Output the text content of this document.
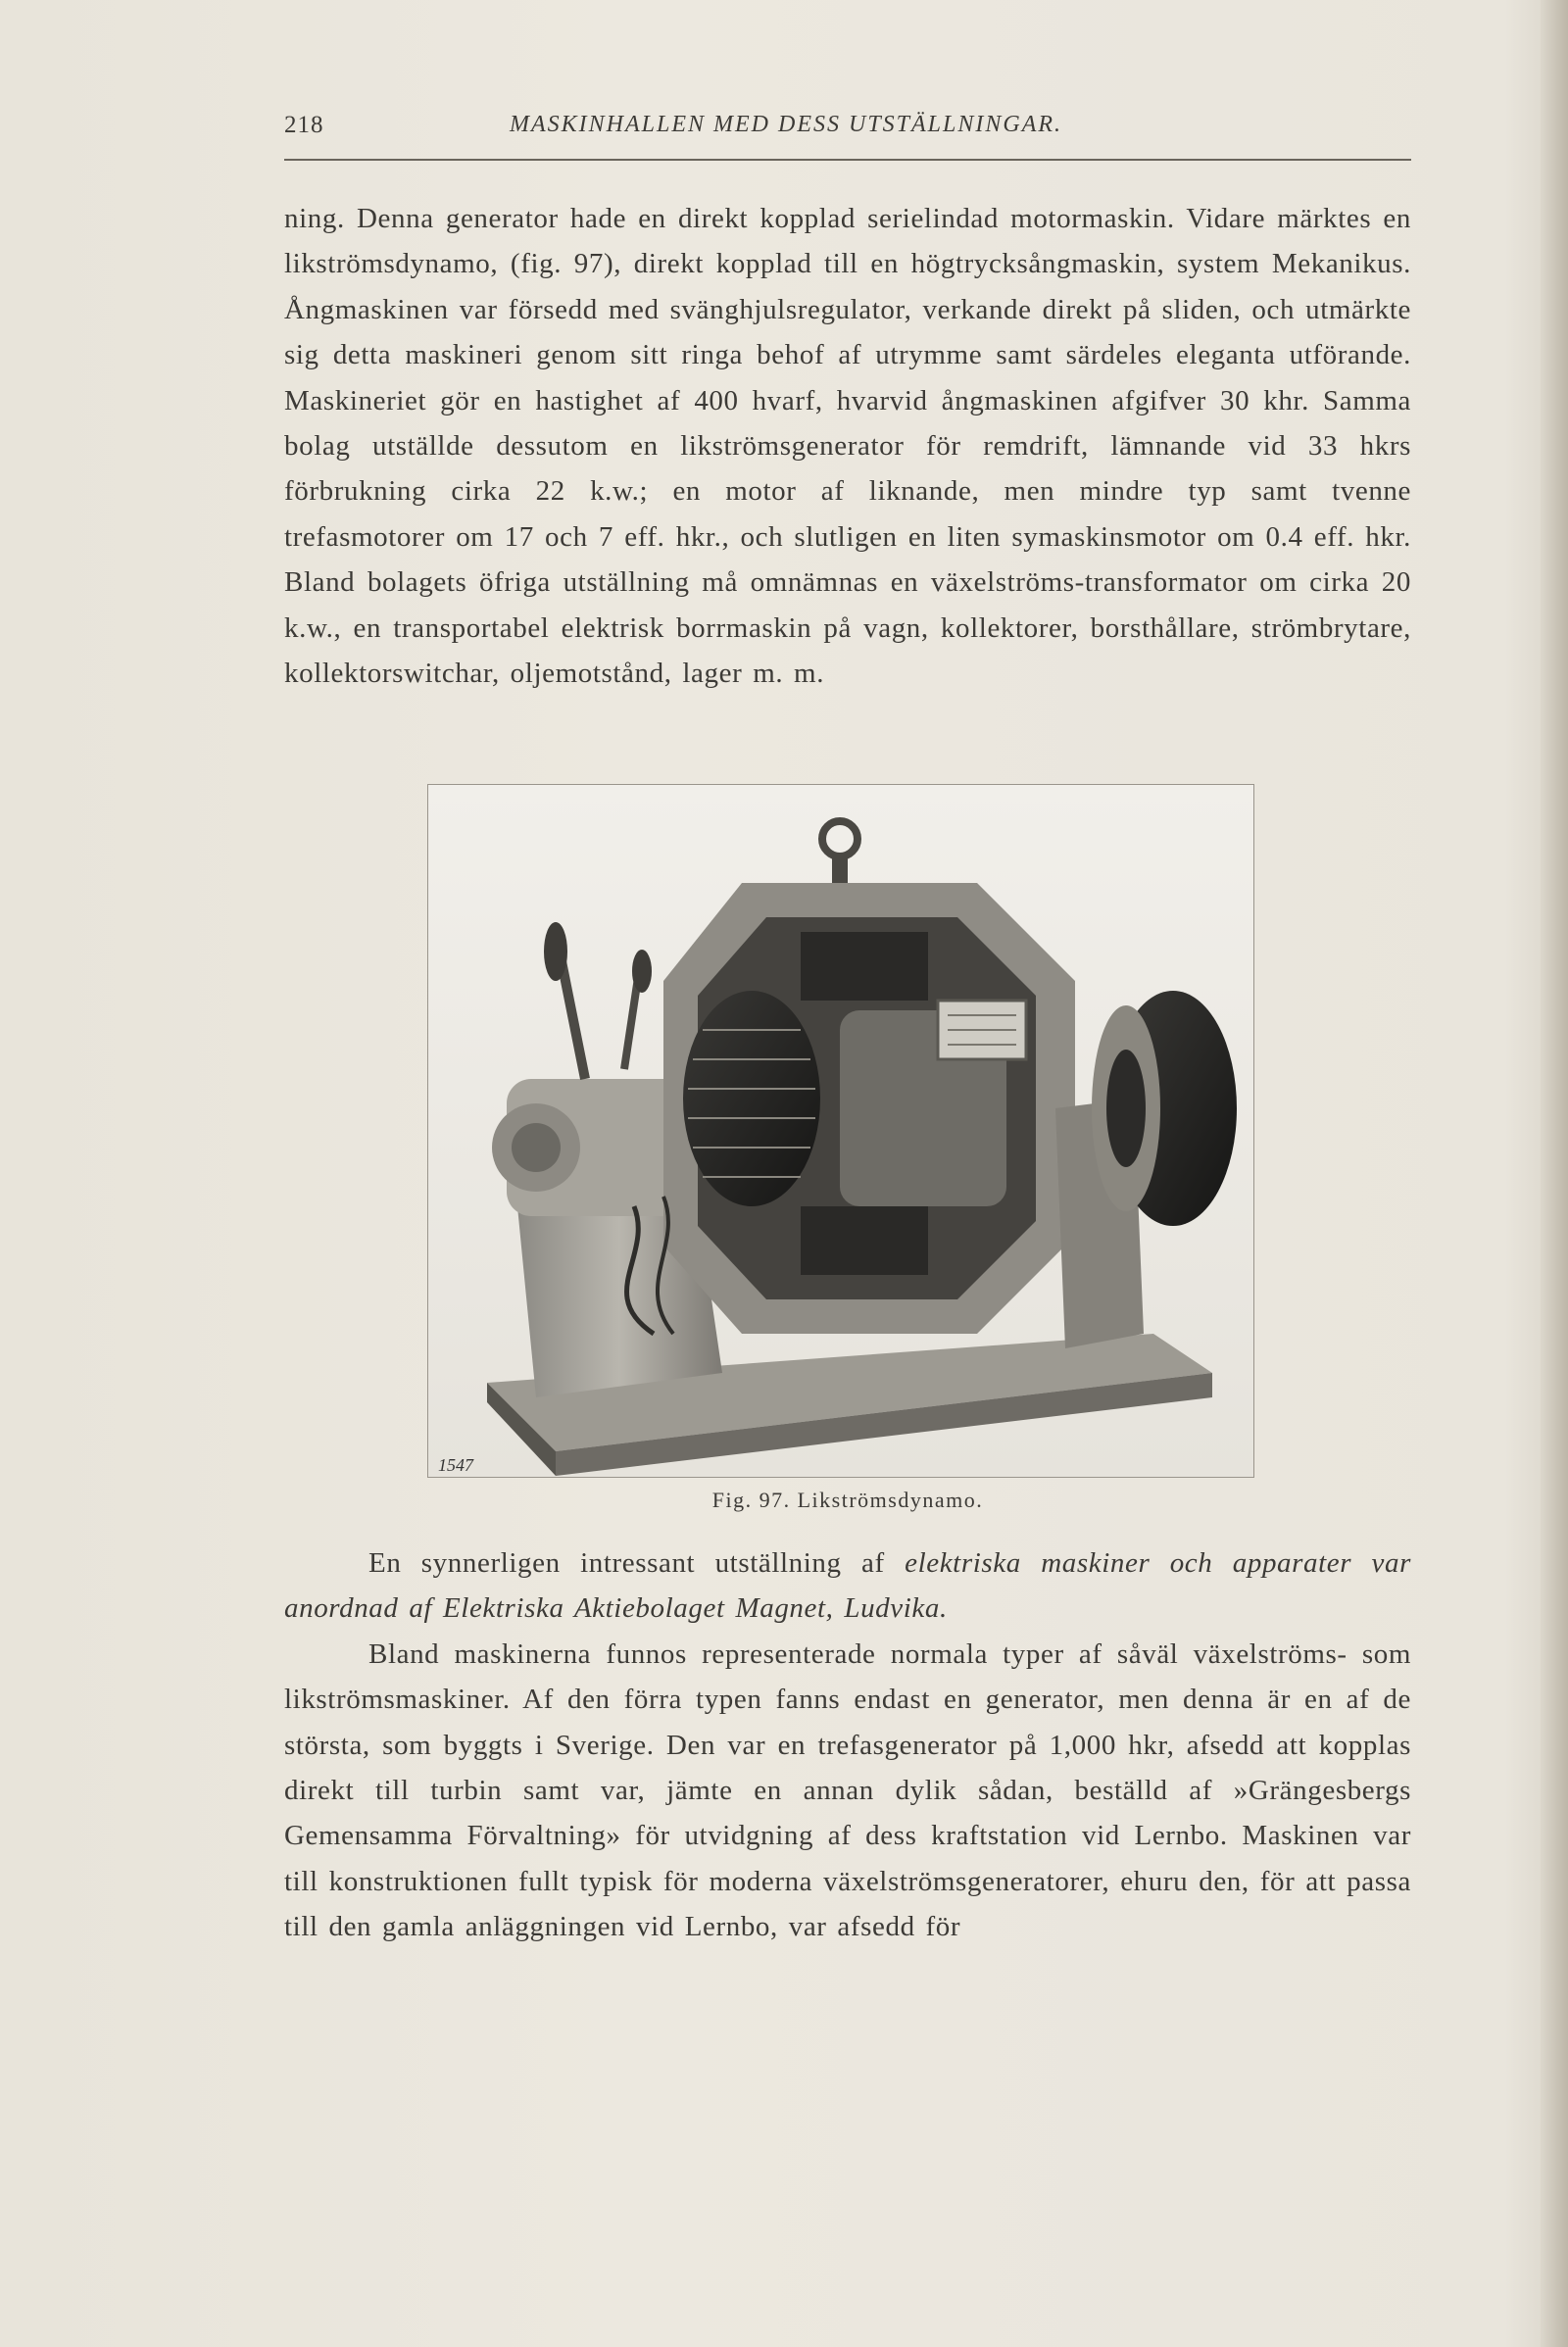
218	MASKINHALLEN MED DESS UTSTÄLLNINGAR.

ning. Denna generator hade en direkt kopplad serielindad motormaskin. Vidare märktes en likströmsdynamo, (fig. 97), direkt kopplad till en högtrycksångmaskin, system Mekanikus. Ångmaskinen var försedd med svänghjulsregulator, verkande direkt på sliden, och utmärkte sig detta maskineri genom sitt ringa behof af utrymme samt särdeles eleganta utförande. Maskineriet gör en hastighet af 400 hvarf, hvarvid ångmaskinen afgifver 30 khr. Samma bolag utställde dessutom en likströmsgenerator för remdrift, lämnande vid 33 hkrs förbrukning cirka 22 k.w.; en motor af liknande, men mindre typ samt tvenne trefasmotorer om 17 och 7 eff. hkr., och slutligen en liten symaskinsmotor om 0.4 eff. hkr. Bland bolagets öfriga utställning må omnämnas en växelströms-transformator om cirka 20 k.w., en transportabel elektrisk borrmaskin på vagn, kollektorer, borsthållare, strömbrytare, kollektorswitchar, oljemotstånd, lager m. m.

1547
Fig. 97. Likströmsdynamo.

En synnerligen intressant utställning af elektriska maskiner och apparater var anordnad af Elektriska Aktiebolaget Magnet, Ludvika.

Bland maskinerna funnos representerade normala typer af såväl växelströms- som likströmsmaskiner. Af den förra typen fanns endast en generator, men denna är en af de största, som byggts i Sverige. Den var en trefasgenerator på 1,000 hkr, afsedd att kopplas direkt till turbin samt var, jämte en annan dylik sådan, beställd af »Grängesbergs Gemensamma Förvaltning» för utvidgning af dess kraftstation vid Lernbo. Maskinen var till konstruktionen fullt typisk för moderna växelströmsgeneratorer, ehuru den, för att passa till den gamla anläggningen vid Lernbo, var afsedd för
